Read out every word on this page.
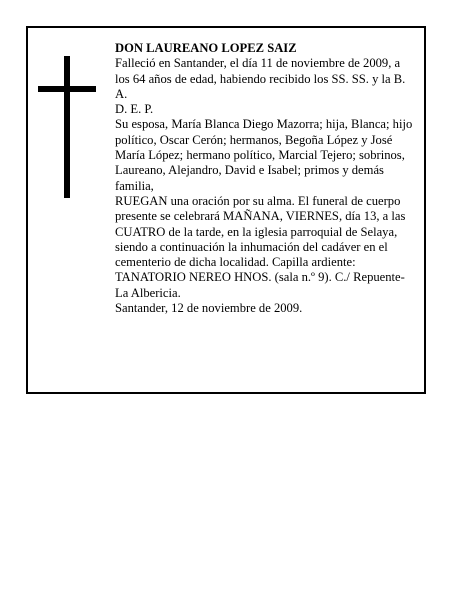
DON LAUREANO LOPEZ SAIZ

Falleció en Santander, el día 11 de noviembre de 2009, a los 64 años de edad, habiendo recibido los SS. SS. y la B. A.

D. E. P.

Su esposa, María Blanca Diego Mazorra; hija, Blanca; hijo político, Oscar Cerón; hermanos, Begoña López y José María López; hermano político, Marcial Tejero; sobrinos, Laureano, Alejandro, David e Isabel; primos y demás familia,

RUEGAN una oración por su alma. El funeral de cuerpo presente se celebrará MAÑANA, VIERNES, día 13, a las CUATRO de la tarde, en la iglesia parroquial de Selaya, siendo a continuación la inhumación del cadáver en el cementerio de dicha localidad. Capilla ardiente: TANATORIO NEREO HNOS. (sala n.º 9). C./ Repuente-La Albericia.

Santander, 12 de noviembre de 2009.
